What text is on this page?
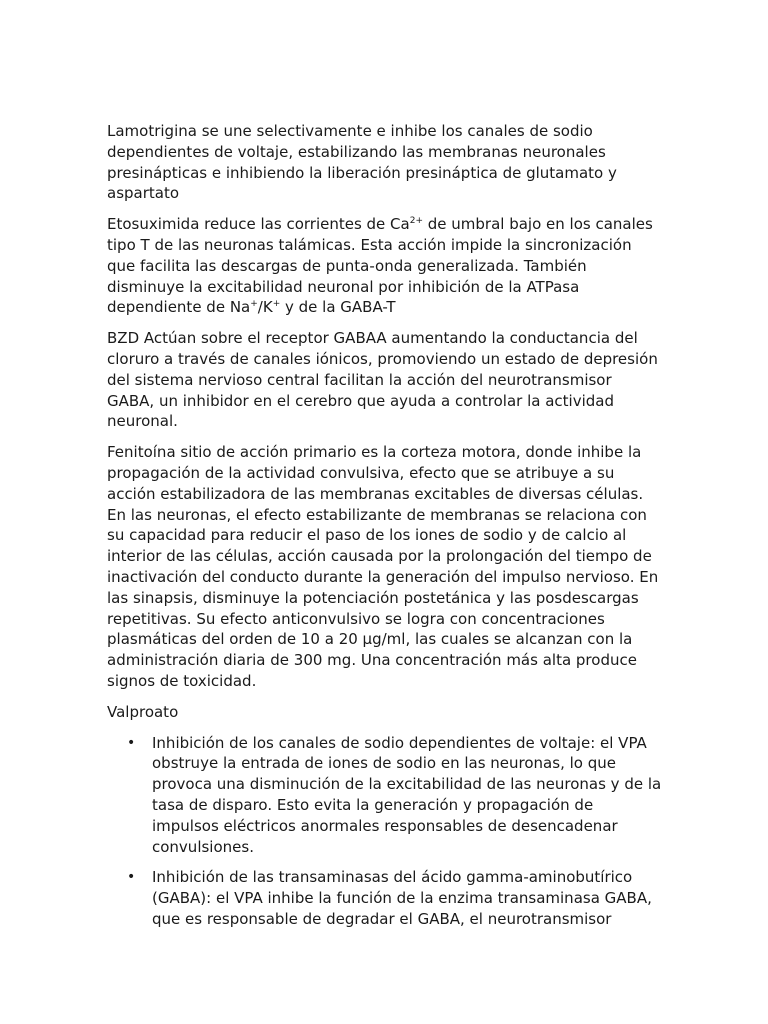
Lamotrigina se une selectivamente e inhibe los canales de sodio dependientes de voltaje, estabilizando las membranas neuronales presinápticas e inhibiendo la liberación presináptica de glutamato y aspartato

Etosuximida reduce las corrientes de $Ca^{2+}$ de umbral bajo en los canales tipo T de las neuronas talámicas. Esta acción impide la sincronización que facilita las descargas de punta-onda generalizada. También disminuye la excitabilidad neuronal por inhibición de la ATPasa dependiente de Na+/K+ y de la GABA-T

BZD Actúan sobre el receptor GABAA aumentando la conductancia del cloruro a través de canales iónicos, promoviendo un estado de depresión del sistema nervioso central facilitan la acción del neurotransmisor GABA, un inhibidor en el cerebro que ayuda a controlar la actividad neuronal.

Fenitoína sitio de acción primario es la corteza motora, donde inhibe la propagación de la actividad convulsiva, efecto que se atribuye a su acción estabilizadora de las membranas excitables de diversas células. En las neuronas, el efecto estabilizante de membranas se relaciona con su capacidad para reducir el paso de los iones de sodio y de calcio al interior de las células, acción causada por la prolongación del tiempo de inactivación del conducto durante la generación del impulso nervioso. En las sinapsis, disminuye la potenciación postetánica y las posdescargas repetitivas. Su efecto anticonvulsivo se logra con concentraciones plasmáticas del orden de 10 a 20 µg/ml, las cuales se alcanzan con la administración diaria de 300 mg. Una concentración más alta produce signos de toxicidad.

Valproato

• Inhibición de los canales de sodio dependientes de voltaje: el VPA obstruye la entrada de iones de sodio en las neuronas, lo que provoca una disminución de la excitabilidad de las neuronas y de la tasa de disparo. Esto evita la generación y propagación de impulsos eléctricos anormales responsables de desencadenar convulsiones.
• Inhibición de las transaminasas del ácido gamma-aminobutírico (GABA): el VPA inhibe la función de la enzima transaminasa GABA, que es responsable de degradar el GABA, el neurotransmisor
